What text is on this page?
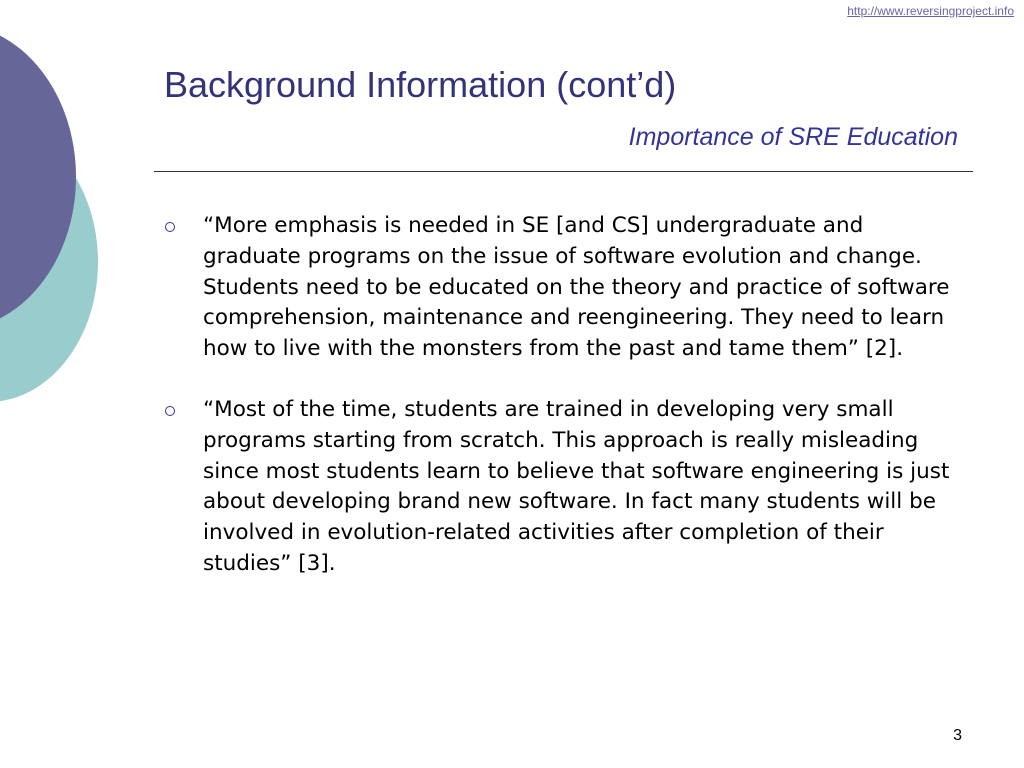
http://www.reversingproject.info
Background Information (cont’d)
Importance of SRE Education
“More emphasis is needed in SE [and CS] undergraduate and graduate programs on the issue of software evolution and change. Students need to be educated on the theory and practice of software comprehension, maintenance and reengineering. They need to learn how to live with the monsters from the past and tame them” [2].
“Most of the time, students are trained in developing very small programs starting from scratch. This approach is really misleading since most students learn to believe that software engineering is just about developing brand new software. In fact many students will be involved in evolution-related activities after completion of their studies” [3].
3
